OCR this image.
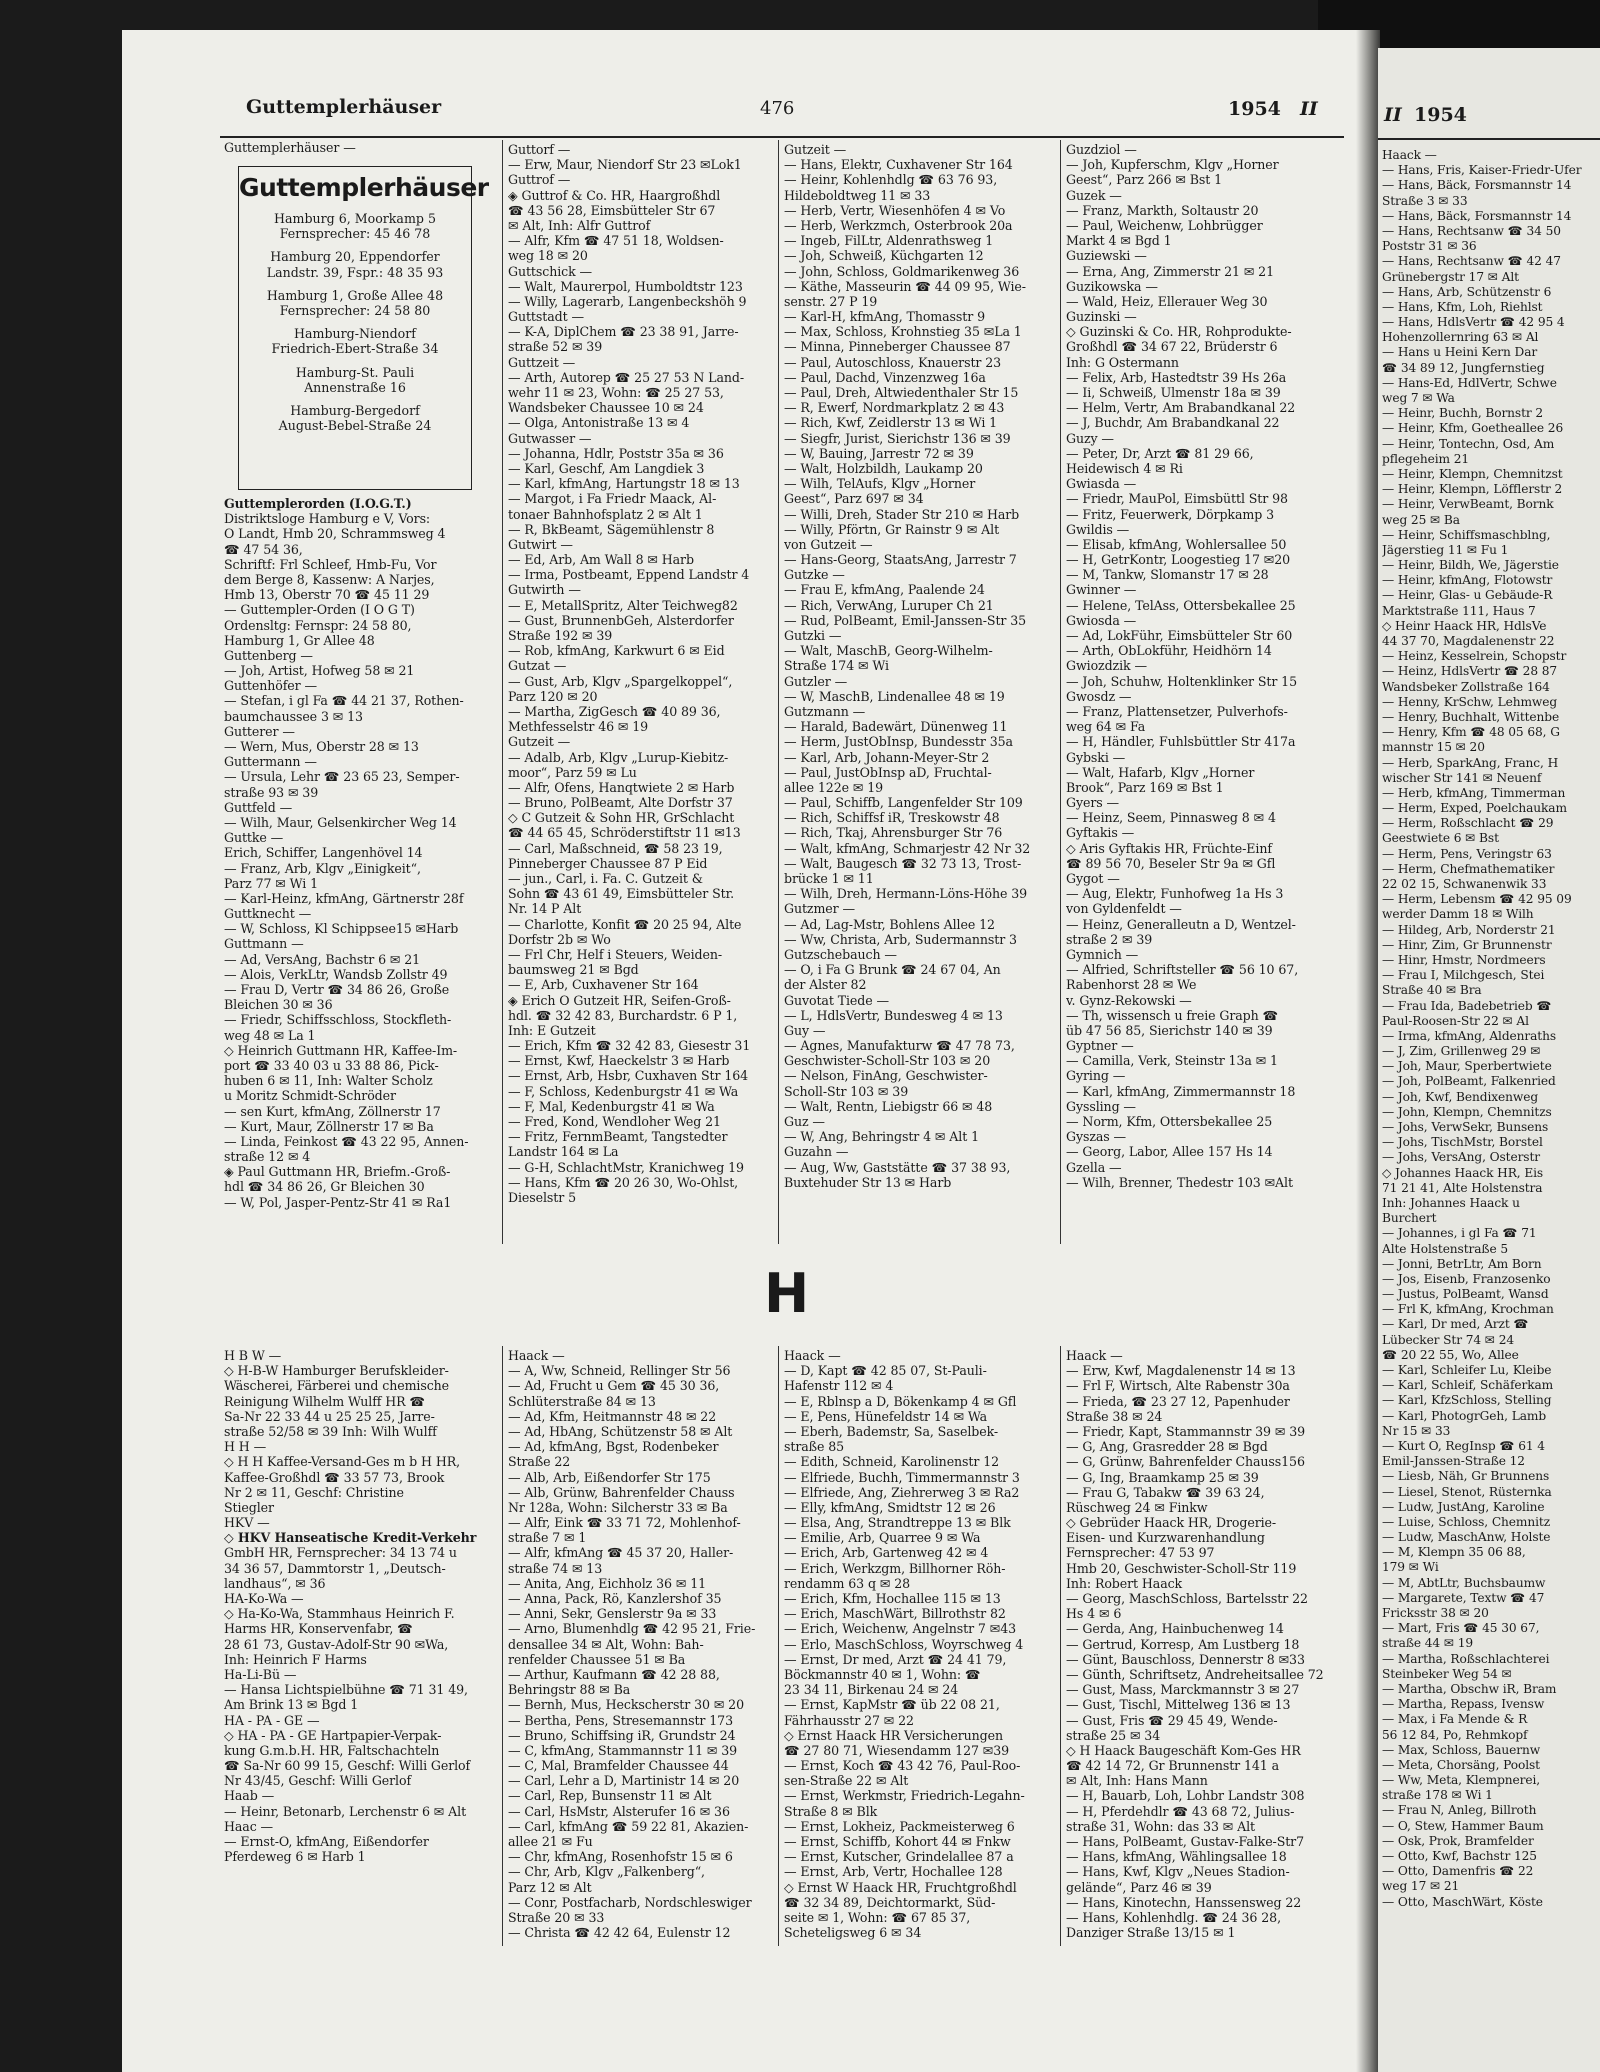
Guttemplerhäuser	476	1954 II
Guttemplerhäuser —
Guttemplerhäuser
Hamburg 6, Moorkamp 5
Fernsprecher: 45 46 78
Hamburg 20, Eppendorfer
Landstr. 39, Fspr.: 48 35 93
Hamburg 1, Große Allee 48
Fernsprecher: 24 58 80
Hamburg-Niendorf
Friedrich-Ebert-Straße 34
Hamburg-St. Pauli
Annenstraße 16
Hamburg-Bergedorf
August-Bebel-Straße 24
Guttemplerorden (I.O.G.T.)
Distriktsloge Hamburg e V, Vors:
O Landt, Hmb 20, Schrammsweg 4
☎ 47 54 36,
Schriftf: Frl Schleef, Hmb-Fu, Vor
dem Berge 8, Kassenw: A Narjes,
Hmb 13, Oberstr 70 ☎ 45 11 29
— Guttempler-Orden (I O G T)
Ordensltg: Fernspr: 24 58 80,
Hamburg 1, Gr Allee 48
Guttenberg —
— Joh, Artist, Hofweg 58 ✉ 21
Guttenhöfer —
— Stefan, i gl Fa ☎ 44 21 37, Rothen-
baumchaussee 3 ✉ 13
Gutterer —
— Wern, Mus, Oberstr 28 ✉ 13
Guttermann —
— Ursula, Lehr ☎ 23 65 23, Semper-
straße 93 ✉ 39
Guttfeld —
— Wilh, Maur, Gelsenkircher Weg 14
Guttke —
Erich, Schiffer, Langenhövel 14
— Franz, Arb, Klgv „Einigkeit“,
Parz 77 ✉ Wi 1
— Karl-Heinz, kfmAng, Gärtnerstr 28f
Guttknecht —
— W, Schloss, Kl Schippsee15 ✉Harb
Guttmann —
— Ad, VersAng, Bachstr 6 ✉ 21
— Alois, VerkLtr, Wandsb Zollstr 49
— Frau D, Vertr ☎ 34 86 26, Große
Bleichen 30 ✉ 36
— Friedr, Schiffsschloss, Stockfleth-
weg 48 ✉ La 1
◇ Heinrich Guttmann HR, Kaffee-Im-
port ☎ 33 40 03 u 33 88 86, Pick-
huben 6 ✉ 11, Inh: Walter Scholz
u Moritz Schmidt-Schröder
— sen Kurt, kfmAng, Zöllnerstr 17
— Kurt, Maur, Zöllnerstr 17 ✉ Ba
— Linda, Feinkost ☎ 43 22 95, Annen-
straße 12 ✉ 4
◈ Paul Guttmann HR, Briefm.-Groß-
hdl ☎ 34 86 26, Gr Bleichen 30
— W, Pol, Jasper-Pentz-Str 41 ✉ Ra1
Guttorf —
— Erw, Maur, Niendorf Str 23 ✉Lok1
Guttrof —
◈ Guttrof & Co. HR, Haargroßhdl
☎ 43 56 28, Eimsbütteler Str 67
✉ Alt, Inh: Alfr Guttrof
— Alfr, Kfm ☎ 47 51 18, Woldsen-
weg 18 ✉ 20
Guttschick —
— Walt, Maurerpol, Humboldtstr 123
— Willy, Lagerarb, Langenbeckshöh 9
Guttstadt —
— K-A, DiplChem ☎ 23 38 91, Jarre-
straße 52 ✉ 39
Guttzeit —
— Arth, Autorep ☎ 25 27 53 N Land-
wehr 11 ✉ 23, Wohn: ☎ 25 27 53,
Wandsbeker Chaussee 10 ✉ 24
— Olga, Antonistraße 13 ✉ 4
Gutwasser —
— Johanna, Hdlr, Poststr 35a ✉ 36
— Karl, Geschf, Am Langdiek 3
— Karl, kfmAng, Hartungstr 18 ✉ 13
— Margot, i Fa Friedr Maack, Al-
tonaer Bahnhofsplatz 2 ✉ Alt 1
— R, BkBeamt, Sägemühlenstr 8
Gutwirt —
— Ed, Arb, Am Wall 8 ✉ Harb
— Irma, Postbeamt, Eppend Landstr 4
Gutwirth —
— E, MetallSpritz, Alter Teichweg82
— Gust, BrunnenbGeh, Alsterdorfer
Straße 192 ✉ 39
— Rob, kfmAng, Karkwurt 6 ✉ Eid
Gutzat —
— Gust, Arb, Klgv „Spargelkoppel“,
Parz 120 ✉ 20
— Martha, ZigGesch ☎ 40 89 36,
Methfesselstr 46 ✉ 19
Gutzeit —
— Adalb, Arb, Klgv „Lurup-Kiebitz-
moor“, Parz 59 ✉ Lu
— Alfr, Ofens, Hanqtwiete 2 ✉ Harb
— Bruno, PolBeamt, Alte Dorfstr 37
◇ C Gutzeit & Sohn HR, GrSchlacht
☎ 44 65 45, Schröderstiftstr 11 ✉13
— Carl, Maßschneid, ☎ 58 23 19,
Pinneberger Chaussee 87 P Eid
— jun., Carl, i. Fa. C. Gutzeit &
Sohn ☎ 43 61 49, Eimsbütteler Str.
Nr. 14 P Alt
— Charlotte, Konfit ☎ 20 25 94, Alte
Dorfstr 2b ✉ Wo
— Frl Chr, Helf i Steuers, Weiden-
baumsweg 21 ✉ Bgd
— E, Arb, Cuxhavener Str 164
◈ Erich O Gutzeit HR, Seifen-Groß-
hdl. ☎ 32 42 83, Burchardstr. 6 P 1,
Inh: E Gutzeit
— Erich, Kfm ☎ 32 42 83, Giesestr 31
— Ernst, Kwf, Haeckelstr 3 ✉ Harb
— Ernst, Arb, Hsbr, Cuxhaven Str 164
— F, Schloss, Kedenburgstr 41 ✉ Wa
— F, Mal, Kedenburgstr 41 ✉ Wa
— Fred, Kond, Wendloher Weg 21
— Fritz, FernmBeamt, Tangstedter
Landstr 164 ✉ La
— G-H, SchlachtMstr, Kranichweg 19
— Hans, Kfm ☎ 20 26 30, Wo-Ohlst,
Dieselstr 5
Gutzeit —
— Hans, Elektr, Cuxhavener Str 164
— Heinr, Kohlenhdlg ☎ 63 76 93,
Hildeboldtweg 11 ✉ 33
— Herb, Vertr, Wiesenhöfen 4 ✉ Vo
— Herb, Werkzmch, Osterbrook 20a
— Ingeb, FilLtr, Aldenrathsweg 1
— Joh, Schweiß, Küchgarten 12
— John, Schloss, Goldmarikenweg 36
— Käthe, Masseurin ☎ 44 09 95, Wie-
senstr. 27 P 19
— Karl-H, kfmAng, Thomasstr 9
— Max, Schloss, Krohnstieg 35 ✉La 1
— Minna, Pinneberger Chaussee 87
— Paul, Autoschloss, Knauerstr 23
— Paul, Dachd, Vinzenzweg 16a
— Paul, Dreh, Altwiedenthaler Str 15
— R, Ewerf, Nordmarkplatz 2 ✉ 43
— Rich, Kwf, Zeidlerstr 13 ✉ Wi 1
— Siegfr, Jurist, Sierichstr 136 ✉ 39
— W, Bauing, Jarrestr 72 ✉ 39
— Walt, Holzbildh, Laukamp 20
— Wilh, TelAufs, Klgv „Horner
Geest“, Parz 697 ✉ 34
— Willi, Dreh, Stader Str 210 ✉ Harb
— Willy, Pförtn, Gr Rainstr 9 ✉ Alt
von Gutzeit —
— Hans-Georg, StaatsAng, Jarrestr 7
Gutzke —
— Frau E, kfmAng, Paalende 24
— Rich, VerwAng, Luruper Ch 21
— Rud, PolBeamt, Emil-Janssen-Str 35
Gutzki —
— Walt, MaschB, Georg-Wilhelm-
Straße 174 ✉ Wi
Gutzler —
— W, MaschB, Lindenallee 48 ✉ 19
Gutzmann —
— Harald, Badewärt, Dünenweg 11
— Herm, JustObInsp, Bundesstr 35a
— Karl, Arb, Johann-Meyer-Str 2
— Paul, JustObInsp aD, Fruchtal-
allee 122e ✉ 19
— Paul, Schiffb, Langenfelder Str 109
— Rich, Schiffsf iR, Treskowstr 48
— Rich, Tkaj, Ahrensburger Str 76
— Walt, kfmAng, Schmarjestr 42 Nr 32
— Walt, Baugesch ☎ 32 73 13, Trost-
brücke 1 ✉ 11
— Wilh, Dreh, Hermann-Löns-Höhe 39
Gutzmer —
— Ad, Lag-Mstr, Bohlens Allee 12
— Ww, Christa, Arb, Sudermannstr 3
Gutzschebauch —
— O, i Fa G Brunk ☎ 24 67 04, An
der Alster 82
Guvotat Tiede —
— L, HdlsVertr, Bundesweg 4 ✉ 13
Guy —
— Agnes, Manufakturw ☎ 47 78 73,
Geschwister-Scholl-Str 103 ✉ 20
— Nelson, FinAng, Geschwister-
Scholl-Str 103 ✉ 39
— Walt, Rentn, Liebigstr 66 ✉ 48
Guz —
— W, Ang, Behringstr 4 ✉ Alt 1
Guzahn —
— Aug, Ww, Gaststätte ☎ 37 38 93,
Buxtehuder Str 13 ✉ Harb
Guzdziol —
— Joh, Kupferschm, Klgv „Horner
Geest“, Parz 266 ✉ Bst 1
Guzek —
— Franz, Markth, Soltaustr 20
— Paul, Weichenw, Lohbrügger
Markt 4 ✉ Bgd 1
Guziewski —
— Erna, Ang, Zimmerstr 21 ✉ 21
Guzikowska —
— Wald, Heiz, Ellerauer Weg 30
Guzinski —
◇ Guzinski & Co. HR, Rohprodukte-
Großhdl ☎ 34 67 22, Brüderstr 6
Inh: G Ostermann
— Felix, Arb, Hastedtstr 39 Hs 26a
— Ii, Schweiß, Ulmenstr 18a ✉ 39
— Helm, Vertr, Am Brabandkanal 22
— J, Buchdr, Am Brabandkanal 22
Guzy —
— Peter, Dr, Arzt ☎ 81 29 66,
Heidewisch 4 ✉ Ri
Gwiasda —
— Friedr, MauPol, Eimsbüttl Str 98
— Fritz, Feuerwerk, Dörpkamp 3
Gwildis —
— Elisab, kfmAng, Wohlersallee 50
— H, GetrKontr, Loogestieg 17 ✉20
— M, Tankw, Slomanstr 17 ✉ 28
Gwinner —
— Helene, TelAss, Ottersbekallee 25
Gwiosda —
— Ad, LokFühr, Eimsbütteler Str 60
— Arth, ObLokführ, Heidhörn 14
Gwiozdzik —
— Joh, Schuhw, Holtenklinker Str 15
Gwosdz —
— Franz, Plattensetzer, Pulverhofs-
weg 64 ✉ Fa
— H, Händler, Fuhlsbüttler Str 417a
Gybski —
— Walt, Hafarb, Klgv „Horner
Brook“, Parz 169 ✉ Bst 1
Gyers —
— Heinz, Seem, Pinnasweg 8 ✉ 4
Gyftakis —
◇ Aris Gyftakis HR, Früchte-Einf
☎ 89 56 70, Beseler Str 9a ✉ Gfl
Gygot —
— Aug, Elektr, Funhofweg 1a Hs 3
von Gyldenfeldt —
— Heinz, Generalleutn a D, Wentzel-
straße 2 ✉ 39
Gymnich —
— Alfried, Schriftsteller ☎ 56 10 67,
Rabenhorst 28 ✉ We
v. Gynz-Rekowski —
— Th, wissensch u freie Graph ☎
üb 47 56 85, Sierichstr 140 ✉ 39
Gyptner —
— Camilla, Verk, Steinstr 13a ✉ 1
Gyring —
— Karl, kfmAng, Zimmermannstr 18
Gyssling —
— Norm, Kfm, Ottersbekallee 25
Gyszas —
— Georg, Labor, Allee 157 Hs 14
Gzella —
— Wilh, Brenner, Thedestr 103 ✉Alt
H
H B W —
◇ H-B-W Hamburger Berufskleider-
Wäscherei, Färberei und chemische
Reinigung Wilhelm Wulff HR ☎
Sa-Nr 22 33 44 u 25 25 25, Jarre-
straße 52/58 ✉ 39 Inh: Wilh Wulff
H H —
◇ H H Kaffee-Versand-Ges m b H HR,
Kaffee-Großhdl ☎ 33 57 73, Brook
Nr 2 ✉ 11, Geschf: Christine
Stiegler
HKV —
◇ HKV Hanseatische Kredit-Verkehr
GmbH HR, Fernsprecher: 34 13 74 u
34 36 57, Dammtorstr 1, „Deutsch-
landhaus“, ✉ 36
HA-Ko-Wa —
◇ Ha-Ko-Wa, Stammhaus Heinrich F.
Harms HR, Konservenfabr, ☎
28 61 73, Gustav-Adolf-Str 90 ✉Wa,
Inh: Heinrich F Harms
Ha-Li-Bü —
— Hansa Lichtspielbühne ☎ 71 31 49,
Am Brink 13 ✉ Bgd 1
HA - PA - GE —
◇ HA - PA - GE Hartpapier-Verpak-
kung G.m.b.H. HR, Faltschachteln
☎ Sa-Nr 60 99 15, Geschf: Willi Gerlof
Nr 43/45, Geschf: Willi Gerlof
Haab —
— Heinr, Betonarb, Lerchenstr 6 ✉ Alt
Haac —
— Ernst-O, kfmAng, Eißendorfer
Pferdeweg 6 ✉ Harb 1
Haack —
— A, Ww, Schneid, Rellinger Str 56
— Ad, Frucht u Gem ☎ 45 30 36,
Schlüterstraße 84 ✉ 13
— Ad, Kfm, Heitmannstr 48 ✉ 22
— Ad, HbAng, Schützenstr 58 ✉ Alt
— Ad, kfmAng, Bgst, Rodenbeker
Straße 22
— Alb, Arb, Eißendorfer Str 175
— Alb, Grünw, Bahrenfelder Chauss
Nr 128a, Wohn: Silcherstr 33 ✉ Ba
— Alfr, Eink ☎ 33 71 72, Mohlenhof-
straße 7 ✉ 1
— Alfr, kfmAng ☎ 45 37 20, Haller-
straße 74 ✉ 13
— Anita, Ang, Eichholz 36 ✉ 11
— Anna, Pack, Rö, Kanzlershof 35
— Anni, Sekr, Genslerstr 9a ✉ 33
— Arno, Blumenhdlg ☎ 42 95 21, Frie-
densallee 34 ✉ Alt, Wohn: Bah-
renfelder Chaussee 51 ✉ Ba
— Arthur, Kaufmann ☎ 42 28 88,
Behringstr 88 ✉ Ba
— Bernh, Mus, Heckscherstr 30 ✉ 20
— Bertha, Pens, Stresemannstr 173
— Bruno, Schiffsing iR, Grundstr 24
— C, kfmAng, Stammannstr 11 ✉ 39
— C, Mal, Bramfelder Chaussee 44
— Carl, Lehr a D, Martinistr 14 ✉ 20
— Carl, Rep, Bunsenstr 11 ✉ Alt
— Carl, HsMstr, Alsterufer 16 ✉ 36
— Carl, kfmAng ☎ 59 22 81, Akazien-
allee 21 ✉ Fu
— Chr, kfmAng, Rosenhofstr 15 ✉ 6
— Chr, Arb, Klgv „Falkenberg“,
Parz 12 ✉ Alt
— Conr, Postfacharb, Nordschleswiger
Straße 20 ✉ 33
— Christa ☎ 42 42 64, Eulenstr 12
Haack —
— D, Kapt ☎ 42 85 07, St-Pauli-
Hafenstr 112 ✉ 4
— E, Rblnsp a D, Bökenkamp 4 ✉ Gfl
— E, Pens, Hünefeldstr 14 ✉ Wa
— Eberh, Bademstr, Sa, Saselbek-
straße 85
— Edith, Schneid, Karolinenstr 12
— Elfriede, Buchh, Timmermannstr 3
— Elfriede, Ang, Ziehrerweg 3 ✉ Ra2
— Elly, kfmAng, Smidtstr 12 ✉ 26
— Elsa, Ang, Strandtreppe 13 ✉ Blk
— Emilie, Arb, Quarree 9 ✉ Wa
— Erich, Arb, Gartenweg 42 ✉ 4
— Erich, Werkzgm, Billhorner Röh-
rendamm 63 q ✉ 28
— Erich, Kfm, Hochallee 115 ✉ 13
— Erich, MaschWärt, Billrothstr 82
— Erich, Weichenw, Angelnstr 7 ✉43
— Erlo, MaschSchloss, Woyrschweg 4
— Ernst, Dr med, Arzt ☎ 24 41 79,
Böckmannstr 40 ✉ 1, Wohn: ☎
23 34 11, Birkenau 24 ✉ 24
— Ernst, KapMstr ☎ üb 22 08 21,
Fährhausstr 27 ✉ 22
◇ Ernst Haack HR Versicherungen
☎ 27 80 71, Wiesendamm 127 ✉39
— Ernst, Koch ☎ 43 42 76, Paul-Roo-
sen-Straße 22 ✉ Alt
— Ernst, Werkmstr, Friedrich-Legahn-
Straße 8 ✉ Blk
— Ernst, Lokheiz, Packmeisterweg 6
— Ernst, Schiffb, Kohort 44 ✉ Fnkw
— Ernst, Kutscher, Grindelallee 87 a
— Ernst, Arb, Vertr, Hochallee 128
◇ Ernst W Haack HR, Fruchtgroßhdl
☎ 32 34 89, Deichtormarkt, Süd-
seite ✉ 1, Wohn: ☎ 67 85 37,
Scheteligsweg 6 ✉ 34
Haack —
— Erw, Kwf, Magdalenenstr 14 ✉ 13
— Frl F, Wirtsch, Alte Rabenstr 30a
— Frieda, ☎ 23 27 12, Papenhuder
Straße 38 ✉ 24
— Friedr, Kapt, Stammannstr 39 ✉ 39
— G, Ang, Grasredder 28 ✉ Bgd
— G, Grünw, Bahrenfelder Chauss156
— G, Ing, Braamkamp 25 ✉ 39
— Frau G, Tabakw ☎ 39 63 24,
Rüschweg 24 ✉ Finkw
◇ Gebrüder Haack HR, Drogerie-
Eisen- und Kurzwarenhandlung
Fernsprecher: 47 53 97
Hmb 20, Geschwister-Scholl-Str 119
Inh: Robert Haack
— Georg, MaschSchloss, Bartelsstr 22
Hs 4 ✉ 6
— Gerda, Ang, Hainbuchenweg 14
— Gertrud, Korresp, Am Lustberg 18
— Günt, Bauschloss, Dennerstr 8 ✉33
— Günth, Schriftsetz, Andreheitsallee 72
— Gust, Mass, Marckmannstr 3 ✉ 27
— Gust, Tischl, Mittelweg 136 ✉ 13
— Gust, Fris ☎ 29 45 49, Wende-
straße 25 ✉ 34
◇ H Haack Baugeschäft Kom-Ges HR
☎ 42 14 72, Gr Brunnenstr 141 a
✉ Alt, Inh: Hans Mann
— H, Bauarb, Loh, Lohbr Landstr 308
— H, Pferdehdlr ☎ 43 68 72, Julius-
straße 31, Wohn: das 33 ✉ Alt
— Hans, PolBeamt, Gustav-Falke-Str7
— Hans, kfmAng, Wählingsallee 18
— Hans, Kwf, Klgv „Neues Stadion-
gelände“, Parz 46 ✉ 39
— Hans, Kinotechn, Hanssensweg 22
— Hans, Kohlenhdlg. ☎ 24 36 28,
Danziger Straße 13/15 ✉ 1
II 1954
Haack —
— Hans, Fris, Kaiser-Friedr-Ufer
— Hans, Bäck, Forsmannstr 14
Straße 3 ✉ 33
— Hans, Bäck, Forsmannstr 14
— Hans, Rechtsanw ☎ 34 50
Poststr 31 ✉ 36
— Hans, Rechtsanw ☎ 42 47
Grünebergstr 17 ✉ Alt
— Hans, Arb, Schützenstr 6
— Hans, Kfm, Loh, Riehlst
— Hans, HdlsVertr ☎ 42 95 4
Hohenzollernring 63 ✉ Al
— Hans u Heini Kern Dar
☎ 34 89 12, Jungfernstieg
— Hans-Ed, HdlVertr, Schwe
weg 7 ✉ Wa
— Heinr, Buchh, Bornstr 2
— Heinr, Kfm, Goetheallee 26
— Heinr, Tontechn, Osd, Am
pflegeheim 21
— Heinr, Klempn, Chemnitzst
— Heinr, Klempn, Löfflerstr 2
— Heinr, VerwBeamt, Bornk
weg 25 ✉ Ba
— Heinr, Schiffsmaschblng,
Jägerstieg 11 ✉ Fu 1
— Heinr, Bildh, We, Jägerstie
— Heinr, kfmAng, Flotowstr
— Heinr, Glas- u Gebäude-R
Marktstraße 111, Haus 7
◇ Heinr Haack HR, HdlsVe
44 37 70, Magdalenenstr 22
— Heinz, Kesselrein, Schopstr
— Heinz, HdlsVertr ☎ 28 87
Wandsbeker Zollstraße 164
— Henny, KrSchw, Lehmweg
— Henry, Buchhalt, Wittenbe
— Henry, Kfm ☎ 48 05 68, G
mannstr 15 ✉ 20
— Herb, SparkAng, Franc, H
wischer Str 141 ✉ Neuenf
— Herb, kfmAng, Timmerman
— Herm, Exped, Poelchaukam
— Herm, Roßschlacht ☎ 29
Geestwiete 6 ✉ Bst
— Herm, Pens, Veringstr 63
— Herm, Chefmathematiker
22 02 15, Schwanenwik 33
— Herm, Lebensm ☎ 42 95 09
werder Damm 18 ✉ Wilh
— Hildeg, Arb, Norderstr 21
— Hinr, Zim, Gr Brunnenstr
— Hinr, Hmstr, Nordmeers
— Frau I, Milchgesch, Stei
Straße 40 ✉ Bra
— Frau Ida, Badebetrieb ☎
Paul-Roosen-Str 22 ✉ Al
— Irma, kfmAng, Aldenraths
— J, Zim, Grillenweg 29 ✉
— Joh, Maur, Sperbertwiete
— Joh, PolBeamt, Falkenried
— Joh, Kwf, Bendixenweg
— John, Klempn, Chemnitzs
— Johs, VerwSekr, Bunsens
— Johs, TischMstr, Borstel
— Johs, VersAng, Osterstr
◇ Johannes Haack HR, Eis
71 21 41, Alte Holstenstra
Inh: Johannes Haack u
Burchert
— Johannes, i gl Fa ☎ 71
Alte Holstenstraße 5
— Jonni, BetrLtr, Am Born
— Jos, Eisenb, Franzosenko
— Justus, PolBeamt, Wansd
— Frl K, kfmAng, Krochman
— Karl, Dr med, Arzt ☎
Lübecker Str 74 ✉ 24
☎ 20 22 55, Wo, Allee
— Karl, Schleifer Lu, Kleibe
— Karl, Schleif, Schäferkam
— Karl, KfzSchloss, Stelling
— Karl, PhotogrGeh, Lamb
Nr 15 ✉ 33
— Kurt O, RegInsp ☎ 61 4
Emil-Janssen-Straße 12
— Liesb, Näh, Gr Brunnens
— Liesel, Stenot, Rüsternka
— Ludw, JustAng, Karoline
— Luise, Schloss, Chemnitz
— Ludw, MaschAnw, Holste
— M, Klempn 35 06 88,
179 ✉ Wi
— M, AbtLtr, Buchsbaumw
— Margarete, Textw ☎ 47
Fricksstr 38 ✉ 20
— Mart, Fris ☎ 45 30 67,
straße 44 ✉ 19
— Martha, Roßschlachterei
Steinbeker Weg 54 ✉
— Martha, Obschw iR, Bram
— Martha, Repass, Ivensw
— Max, i Fa Mende & R
56 12 84, Po, Rehmkopf
— Max, Schloss, Bauernw
— Meta, Chorsäng, Poolst
— Ww, Meta, Klempnerei,
straße 178 ✉ Wi 1
— Frau N, Anleg, Billroth
— O, Stew, Hammer Baum
— Osk, Prok, Bramfelder
— Otto, Kwf, Bachstr 125
— Otto, Damenfris ☎ 22
weg 17 ✉ 21
— Otto, MaschWärt, Köste
